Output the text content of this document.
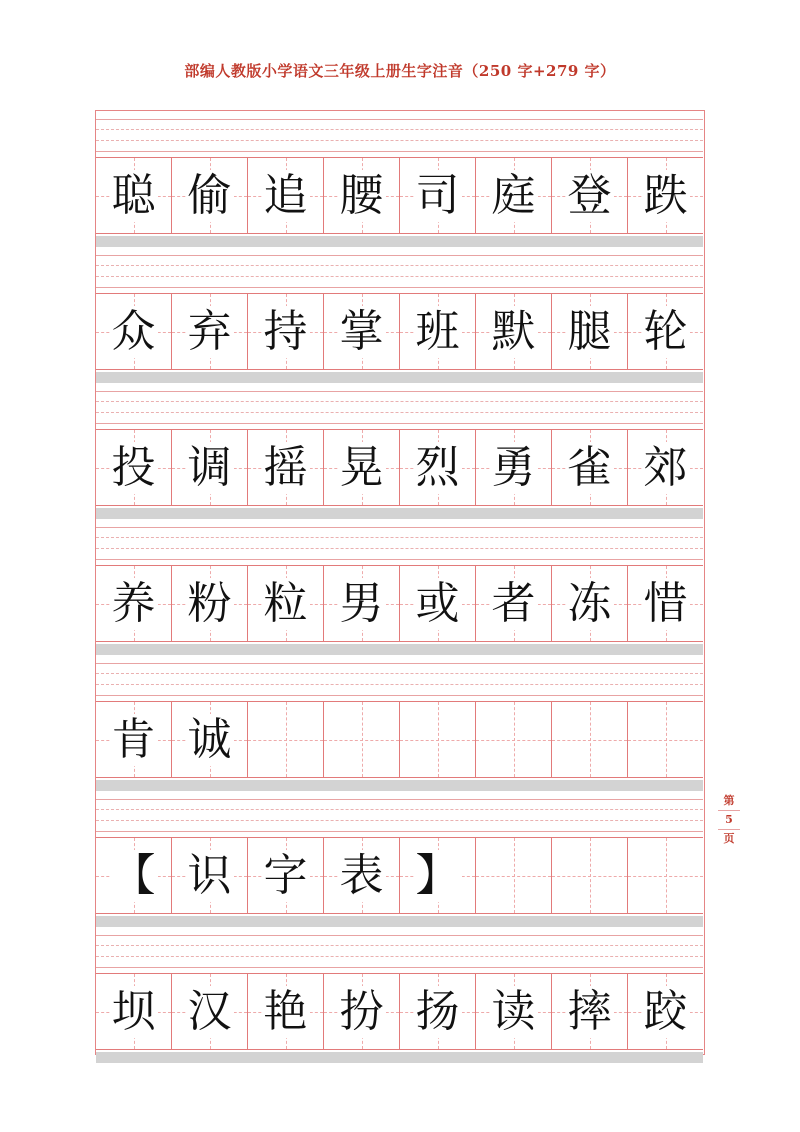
部编人教版小学语文三年级上册生字注音（250 字+279 字）
聪 偷 追 腰 司 庭 登 跌
众 弃 持 掌 班 默 腿 轮
投 调 摇 晃 烈 勇 雀 郊
养 粉 粒 男 或 者 冻 惜
肯 诚
【 识 字 表 】
坝 汉 艳 扮 扬 读 摔 跤
第
5
页
